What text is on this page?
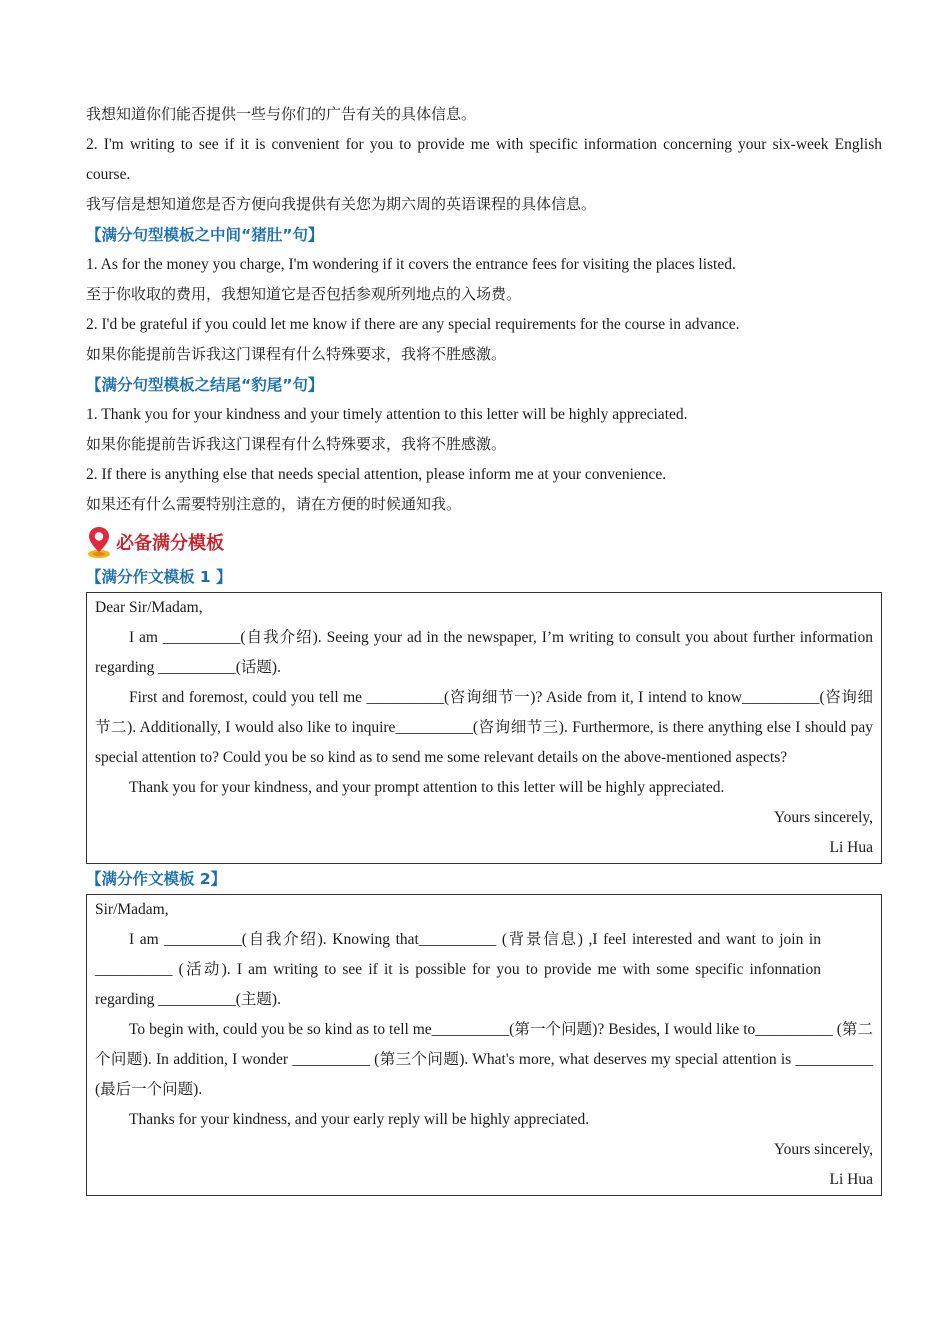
我想知道你们能否提供一些与你们的广告有关的具体信息。
2. I'm writing to see if it is convenient for you to provide me with specific information concerning your six-week English course.
我写信是想知道您是否方便向我提供有关您为期六周的英语课程的具体信息。
【满分句型模板之中间“猪肚”句】
1. As for the money you charge, I'm wondering if it covers the entrance fees for visiting the places listed.
至于你收取的费用，我想知道它是否包括参观所列地点的入场费。
2. I'd be grateful if you could let me know if there are any special requirements for the course in advance.
如果你能提前告诉我这门课程有什么特殊要求，我将不胜感激。
【满分句型模板之结尾“豹尾”句】
1. Thank you for your kindness and your timely attention to this letter will be highly appreciated.
如果你能提前告诉我这门课程有什么特殊要求，我将不胜感激。
2. If there is anything else that needs special attention, please inform me at your convenience.
如果还有什么需要特别注意的，请在方便的时候通知我。
必备满分模板
【满分作文模板 1 】
Dear Sir/Madam,
I am __________(自我介绍). Seeing your ad in the newspaper, I’m writing to consult you about further information regarding __________(话题).
First and foremost, could you tell me __________(咨询细节一)? Aside from it, I intend to know__________(咨询细节二). Additionally, I would also like to inquire__________(咨询细节三). Furthermore, is there anything else I should pay special attention to? Could you be so kind as to send me some relevant details on the above-mentioned aspects?
Thank you for your kindness, and your prompt attention to this letter will be highly appreciated.
Yours sincerely,
Li Hua
【满分作文模板 2】
Sir/Madam,
I am __________(自我介绍). Knowing that__________ (背景信息) ,I feel interested and want to join in __________ (活动). I am writing to see if it is possible for you to provide me with some specific infonnation regarding __________(主题).
To begin with, could you be so kind as to tell me__________(第一个问题)? Besides, I would like to__________ (第二个问题). In addition, I wonder __________ (第三个问题). What's more, what deserves my special attention is __________ (最后一个问题).
Thanks for your kindness, and your early reply will be highly appreciated.
Yours sincerely,
Li Hua
